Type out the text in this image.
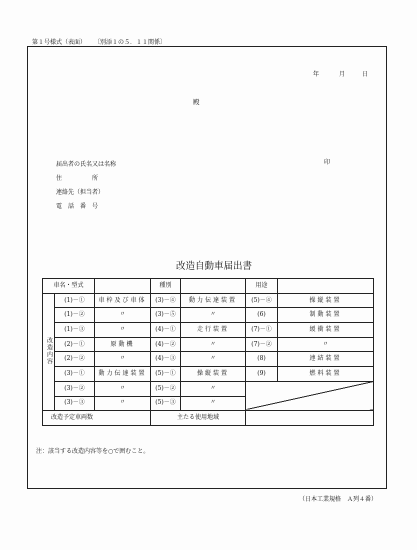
第１号様式（表面） 〔別添１の５．１１関係〕
年	月	日
殿
届出者の氏名又は名称	印
住　　　　　所
連絡先（担当者）
電　話　番　号
改造自動車届出書
車名・型式			種別		用途	
改造内容	(1)－①	車枠及び車体	(3)－④	動力伝達装置	(5)－④	操縦装置
	(1)－②	〃	(3)－⑤	〃	(6)	制動装置
	(1)－③	〃	(4)－①	走行装置	(7)－①	緩衝装置
	(2)－①	原動機	(4)－②	〃	(7)－②	〃
	(2)－②	〃	(4)－③	〃	(8)	連結装置
	(3)－①	動力伝達装置	(5)－①	操縦装置	(9)	燃料装置
	(3)－②	〃	(5)－②	〃		
	(3)－③	〃	(5)－③	〃		
改造予定車両数			主たる使用地域			
注：該当する改造内容等を○で囲むこと。
（日本工業規格　Ａ列４番）
